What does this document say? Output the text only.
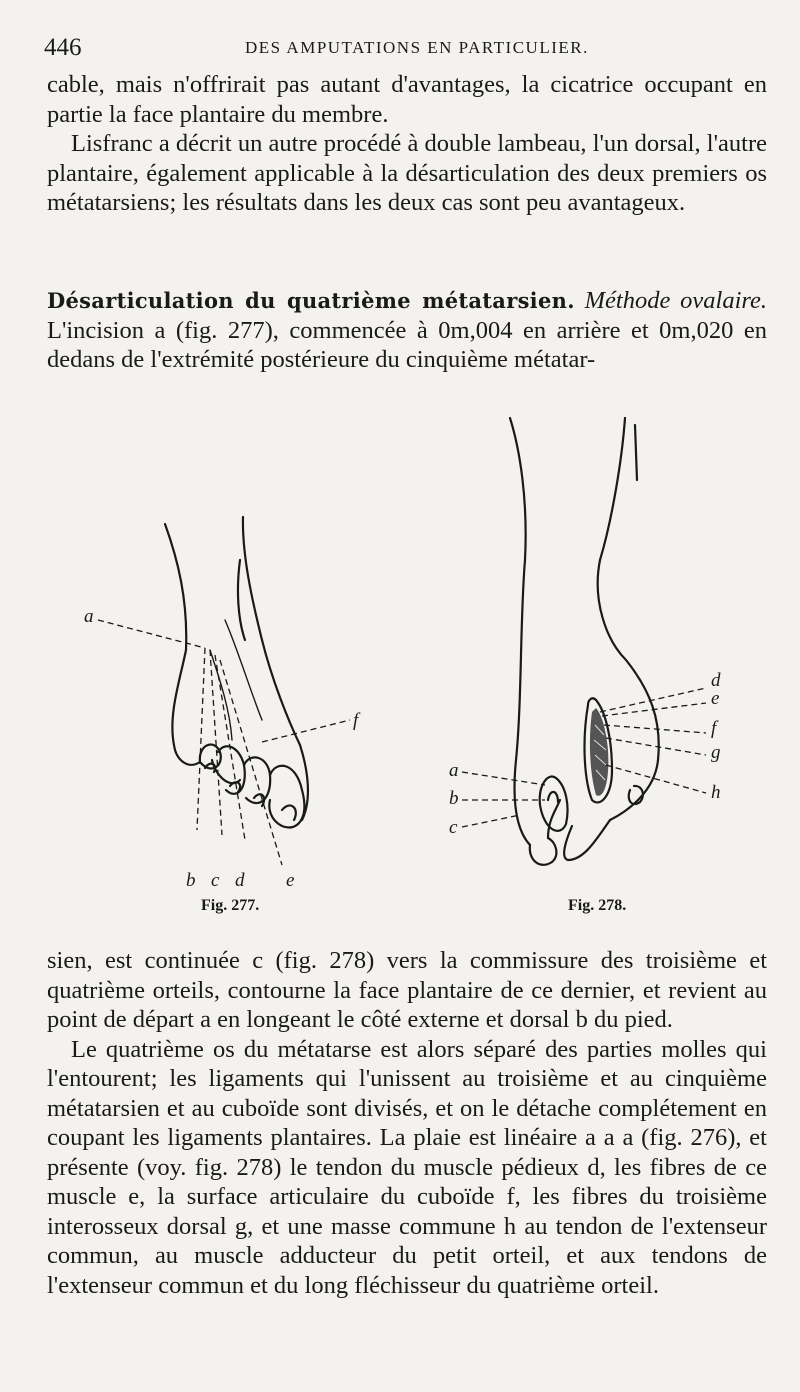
446	DES AMPUTATIONS EN PARTICULIER.

cable, mais n'offrirait pas autant d'avantages, la cicatrice occupant en partie la face plantaire du membre.

Lisfranc a décrit un autre procédé à double lambeau, l'un dorsal, l'autre plantaire, également applicable à la désarticulation des deux premiers os métatarsiens; les résultats dans les deux cas sont peu avantageux.

Désarticulation du quatrième métatarsien. Méthode ovalaire. L'incision a (fig. 277), commencée à 0m,004 en arrière et 0m,020 en dedans de l'extrémité postérieure du cinquième métatar-

a
f
b c d e
Fig. 277.
d
e
f
g
h
a
b
c
Fig. 278.

sien, est continuée c (fig. 278) vers la commissure des troisième et quatrième orteils, contourne la face plantaire de ce dernier, et revient au point de départ a en longeant le côté externe et dorsal b du pied.

Le quatrième os du métatarse est alors séparé des parties molles qui l'entourent; les ligaments qui l'unissent au troisième et au cinquième métatarsien et au cuboïde sont divisés, et on le détache complétement en coupant les ligaments plantaires. La plaie est linéaire a a a (fig. 276), et présente (voy. fig. 278) le tendon du muscle pédieux d, les fibres de ce muscle e, la surface articulaire du cuboïde f, les fibres du troisième interosseux dorsal g, et une masse commune h au tendon de l'extenseur commun, au muscle adducteur du petit orteil, et aux tendons de l'extenseur commun et du long fléchisseur du quatrième orteil.
